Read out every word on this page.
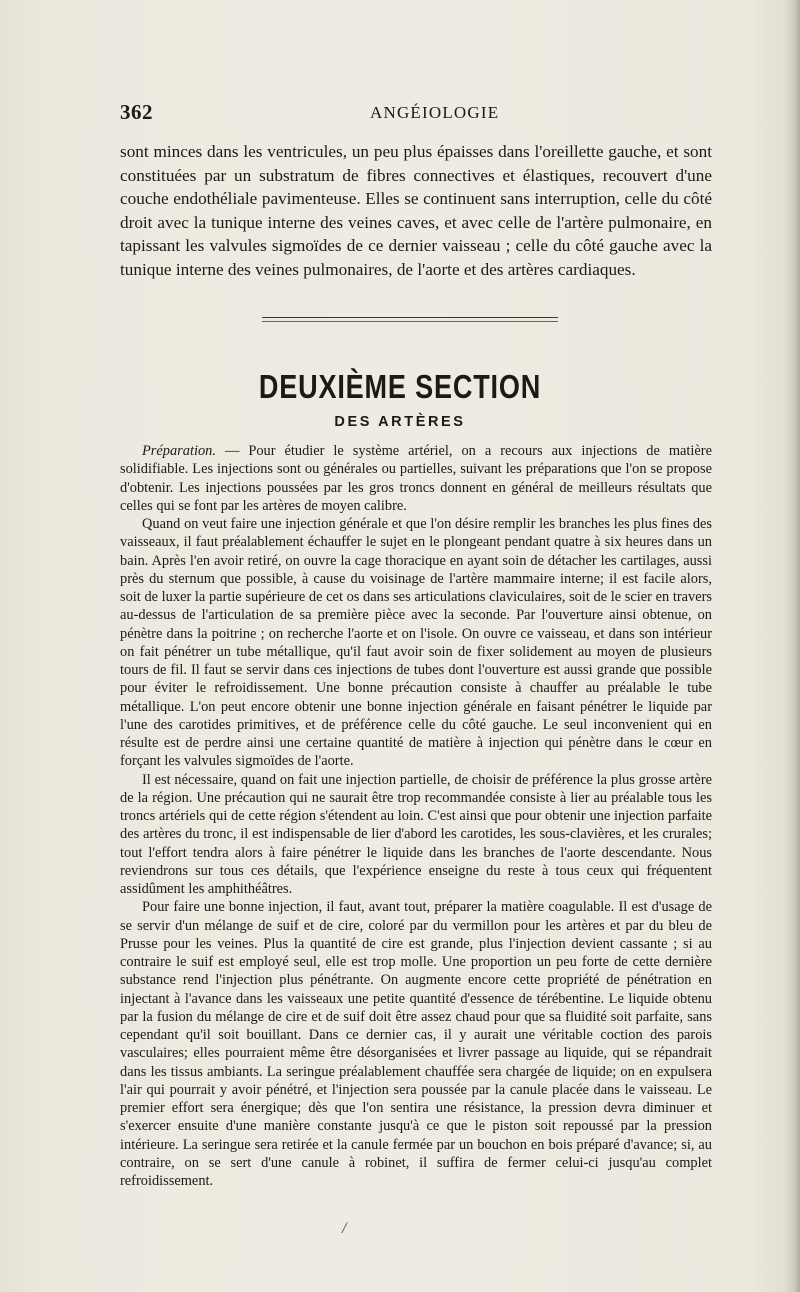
362	ANGÉIOLOGIE

sont minces dans les ventricules, un peu plus épaisses dans l'oreillette gauche, et sont constituées par un substratum de fibres connectives et élastiques, recouvert d'une couche endothéliale pavimenteuse. Elles se continuent sans interruption, celle du côté droit avec la tunique interne des veines caves, et avec celle de l'artère pulmonaire, en tapissant les valvules sigmoïdes de ce dernier vaisseau ; celle du côté gauche avec la tunique interne des veines pulmonaires, de l'aorte et des artères cardiaques.

DEUXIÈME SECTION
DES ARTÈRES

Préparation. — Pour étudier le système artériel, on a recours aux injections de matière solidifiable. Les injections sont ou générales ou partielles, suivant les préparations que l'on se propose d'obtenir. Les injections poussées par les gros troncs donnent en général de meilleurs résultats que celles qui se font par les artères de moyen calibre.

Quand on veut faire une injection générale et que l'on désire remplir les branches les plus fines des vaisseaux, il faut préalablement échauffer le sujet en le plongeant pendant quatre à six heures dans un bain. Après l'en avoir retiré, on ouvre la cage thoracique en ayant soin de détacher les cartilages, aussi près du sternum que possible, à cause du voisinage de l'artère mammaire interne; il est facile alors, soit de luxer la partie supérieure de cet os dans ses articulations claviculaires, soit de le scier en travers au-dessus de l'articulation de sa première pièce avec la seconde. Par l'ouverture ainsi obtenue, on pénètre dans la poitrine ; on recherche l'aorte et on l'isole. On ouvre ce vaisseau, et dans son intérieur on fait pénétrer un tube métallique, qu'il faut avoir soin de fixer solidement au moyen de plusieurs tours de fil. Il faut se servir dans ces injections de tubes dont l'ouverture est aussi grande que possible pour éviter le refroidissement. Une bonne précaution consiste à chauffer au préalable le tube métallique. L'on peut encore obtenir une bonne injection générale en faisant pénétrer le liquide par l'une des carotides primitives, et de préférence celle du côté gauche. Le seul inconvenient qui en résulte est de perdre ainsi une certaine quantité de matière à injection qui pénètre dans le cœur en forçant les valvules sigmoïdes de l'aorte.

Il est nécessaire, quand on fait une injection partielle, de choisir de préférence la plus grosse artère de la région. Une précaution qui ne saurait être trop recommandée consiste à lier au préalable tous les troncs artériels qui de cette région s'étendent au loin. C'est ainsi que pour obtenir une injection parfaite des artères du tronc, il est indispensable de lier d'abord les carotides, les sous-clavières, et les crurales; tout l'effort tendra alors à faire pénétrer le liquide dans les branches de l'aorte descendante. Nous reviendrons sur tous ces détails, que l'expérience enseigne du reste à tous ceux qui fréquentent assidûment les amphithéâtres.

Pour faire une bonne injection, il faut, avant tout, préparer la matière coagulable. Il est d'usage de se servir d'un mélange de suif et de cire, coloré par du vermillon pour les artères et par du bleu de Prusse pour les veines. Plus la quantité de cire est grande, plus l'injection devient cassante ; si au contraire le suif est employé seul, elle est trop molle. Une proportion un peu forte de cette dernière substance rend l'injection plus pénétrante. On augmente encore cette propriété de pénétration en injectant à l'avance dans les vaisseaux une petite quantité d'essence de térébentine. Le liquide obtenu par la fusion du mélange de cire et de suif doit être assez chaud pour que sa fluidité soit parfaite, sans cependant qu'il soit bouillant. Dans ce dernier cas, il y aurait une véritable coction des parois vasculaires; elles pourraient même être désorganisées et livrer passage au liquide, qui se répandrait dans les tissus ambiants. La seringue préalablement chauffée sera chargée de liquide; on en expulsera l'air qui pourrait y avoir pénétré, et l'injection sera poussée par la canule placée dans le vaisseau. Le premier effort sera énergique; dès que l'on sentira une résistance, la pression devra diminuer et s'exercer ensuite d'une manière constante jusqu'à ce que le piston soit repoussé par la pression intérieure. La seringue sera retirée et la canule fermée par un bouchon en bois préparé d'avance; si, au contraire, on se sert d'une canule à robinet, il suffira de fermer celui-ci jusqu'au complet refroidissement.

/
